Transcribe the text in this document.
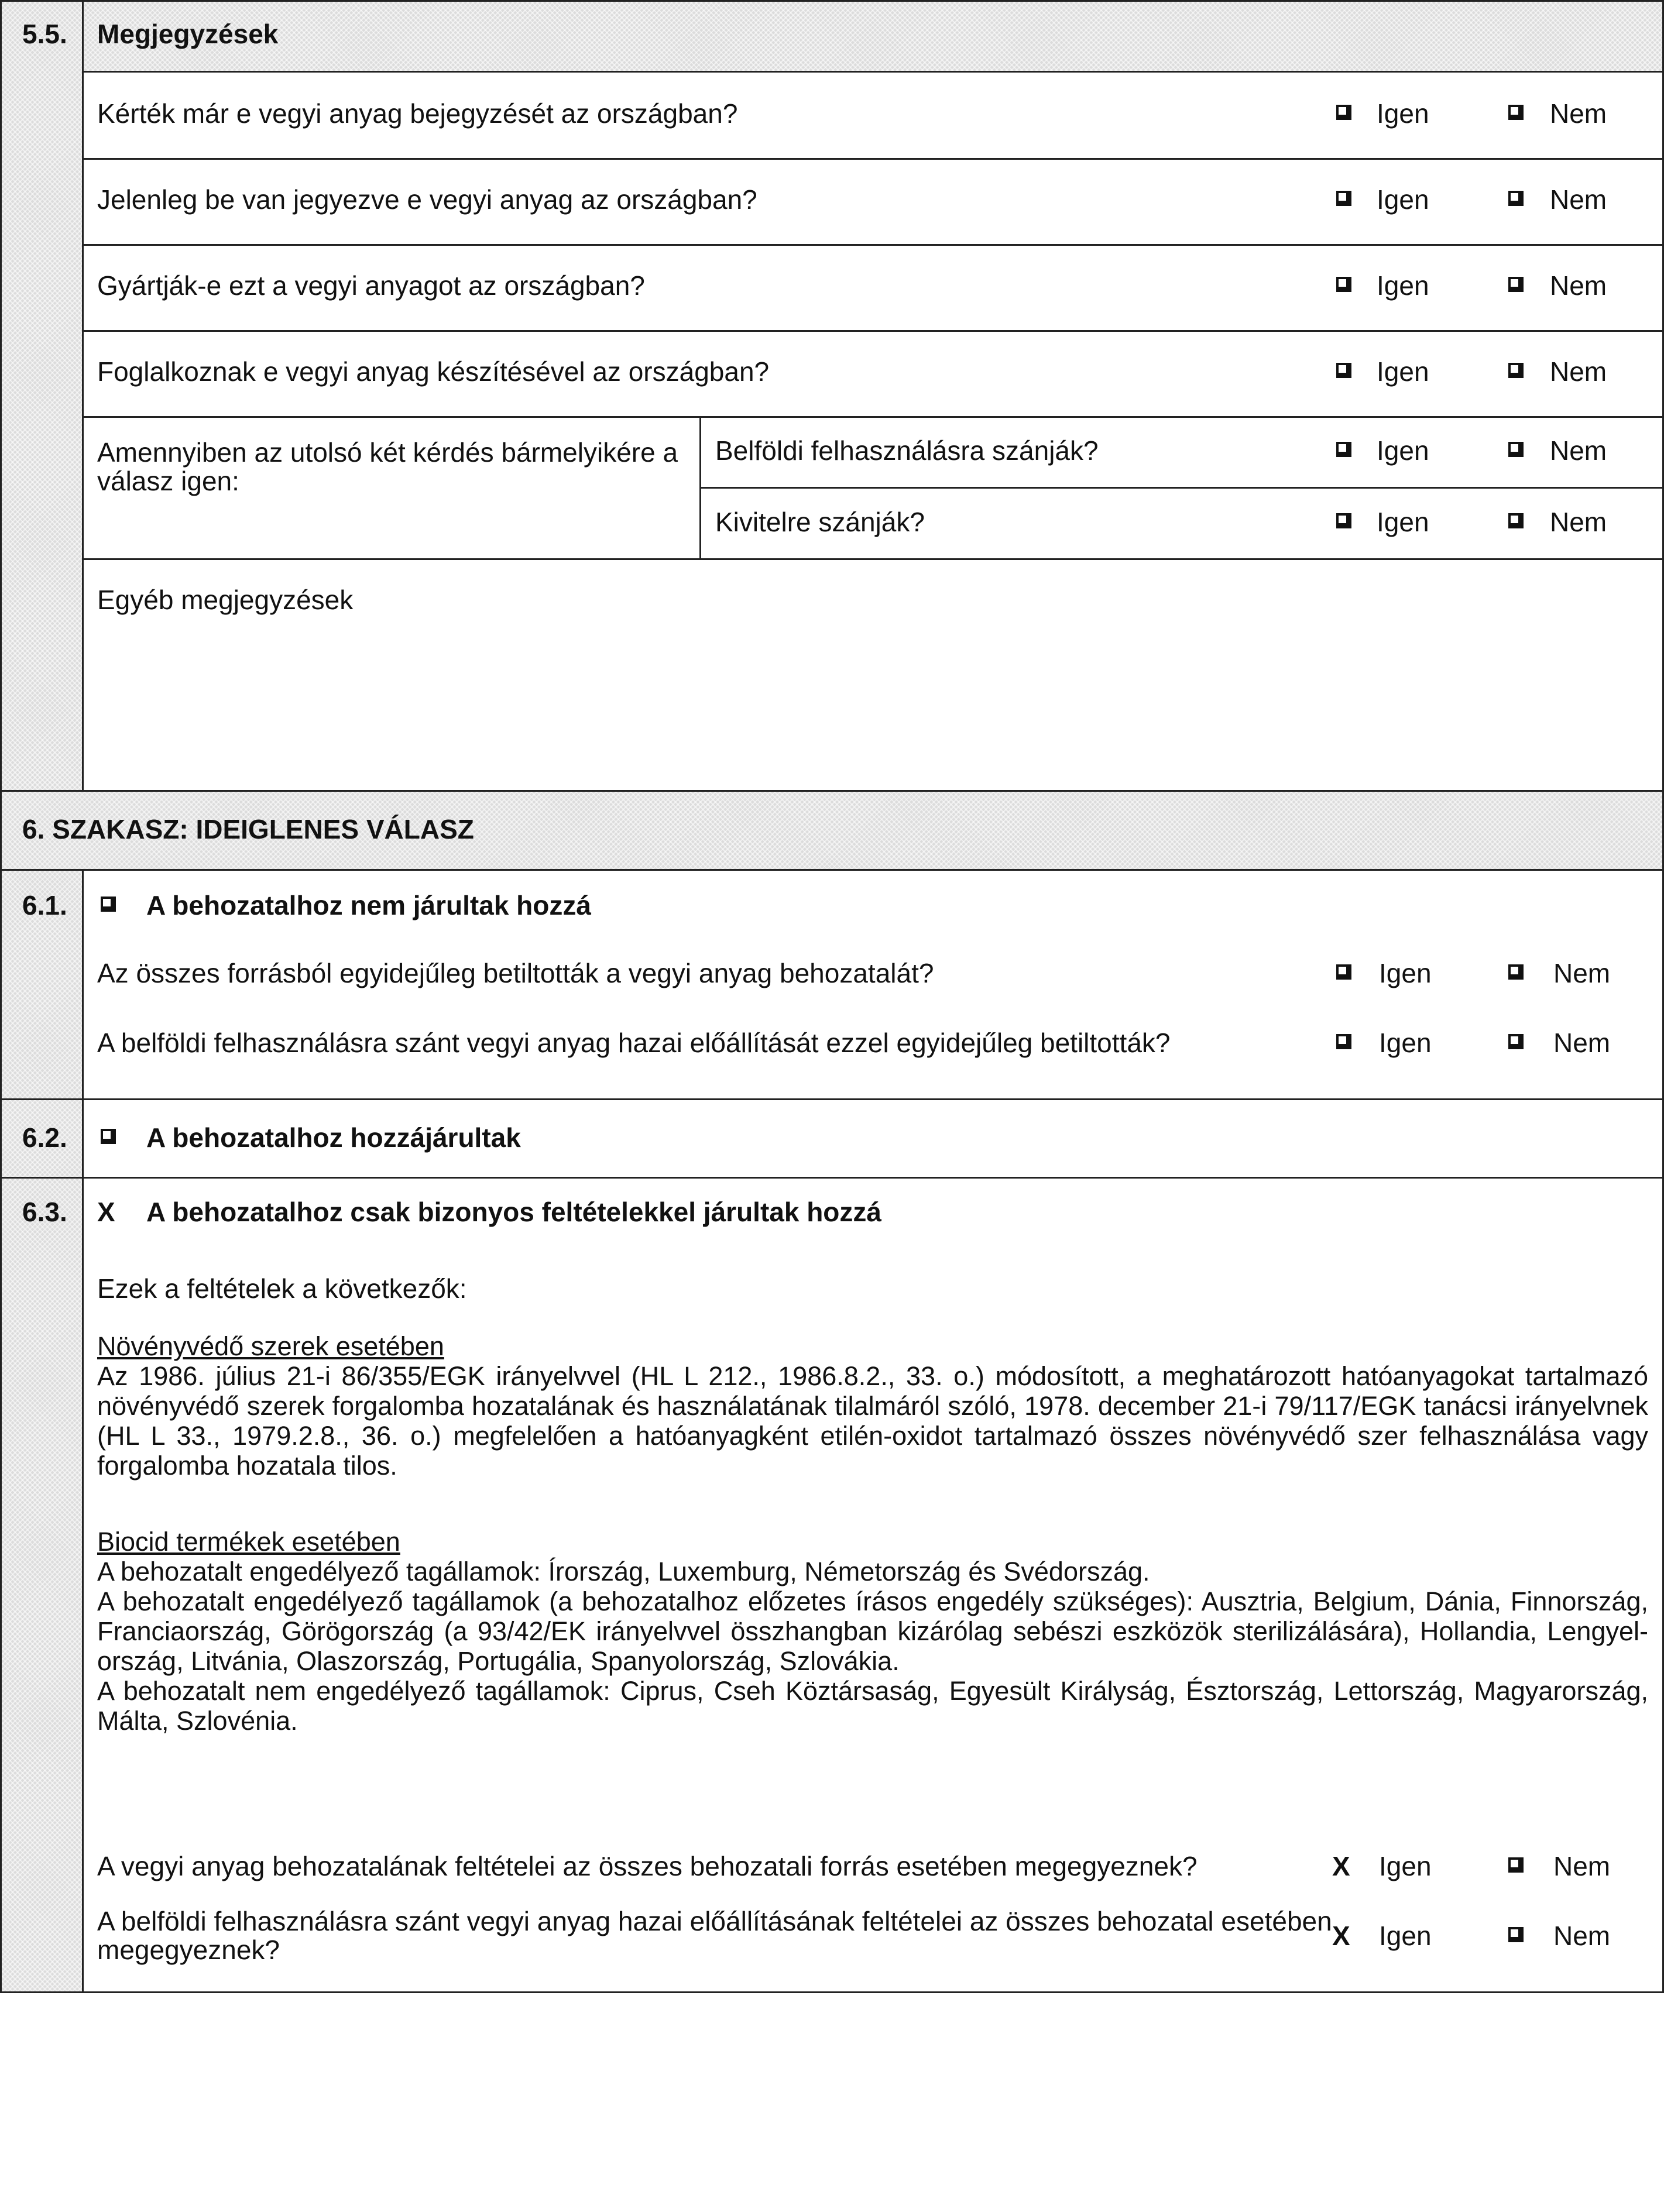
5.5. Megjegyzések
Kérték már e vegyi anyag bejegyzését az országban?	Igen	Nem
Jelenleg be van jegyezve e vegyi anyag az országban?	Igen	Nem
Gyártják-e ezt a vegyi anyagot az országban?	Igen	Nem
Foglalkoznak e vegyi anyag készítésével az országban?	Igen	Nem
Amennyiben az utolsó két kérdés bármelyikére a
válasz igen:
Belföldi felhasználásra szánják?	Igen	Nem
Kivitelre szánják?	Igen	Nem
Egyéb megjegyzések
6. SZAKASZ: IDEIGLENES VÁLASZ
6.1.	A behozatalhoz nem járultak hozzá
Az összes forrásból egyidejűleg betiltották a vegyi anyag behozatalát?	Igen	Nem
A belföldi felhasználásra szánt vegyi anyag hazai előállítását ezzel egyidejűleg betiltották?	Igen	Nem
6.2.	A behozatalhoz hozzájárultak
6.3. X A behozatalhoz csak bizonyos feltételekkel járultak hozzá
Ezek a feltételek a következők:

Növényvédő szerek esetében

Az 1986. július 21-i 86/355/EGK irányelvvel (HL L 212., 1986.8.2., 33. o.) módosított, a meghatározott hatóanyagokat tartalmazó növényvédő szerek forgalomba hozatalának és használatának tilalmáról szóló, 1978. december 21-i 79/117/EGK tanácsi irányelvnek (HL L 33., 1979.2.8., 36. o.) megfelelően a hatóanyagként etilén-oxidot tartalmazó összes növényvédő szer felhasználása vagy forgalomba hozatala tilos.

Biocid termékek esetében

A behozatalt engedélyező tagállamok: Írország, Luxemburg, Németország és Svédország.

A behozatalt engedélyező tagállamok (a behozatalhoz előzetes írásos engedély szükséges): Ausztria, Belgium, Dánia, Finnország, Franciaország, Görögország (a 93/42/EK irányelvvel összhangban kizárólag sebészi eszközök sterilizálására), Hollandia, Lengyelország, Litvánia, Olaszország, Portugália, Spanyolország, Szlovákia.

A behozatalt nem engedélyező tagállamok: Ciprus, Cseh Köztársaság, Egyesült Királyság, Észtország, Lettország, Magyarország, Málta, Szlovénia.

A vegyi anyag behozatalának feltételei az összes behozatali forrás esetében megegyeznek?	X Igen	Nem
A belföldi felhasználásra szánt vegyi anyag hazai előállításának feltételei az összes behozatal esetében
megegyeznek?	X Igen	Nem
